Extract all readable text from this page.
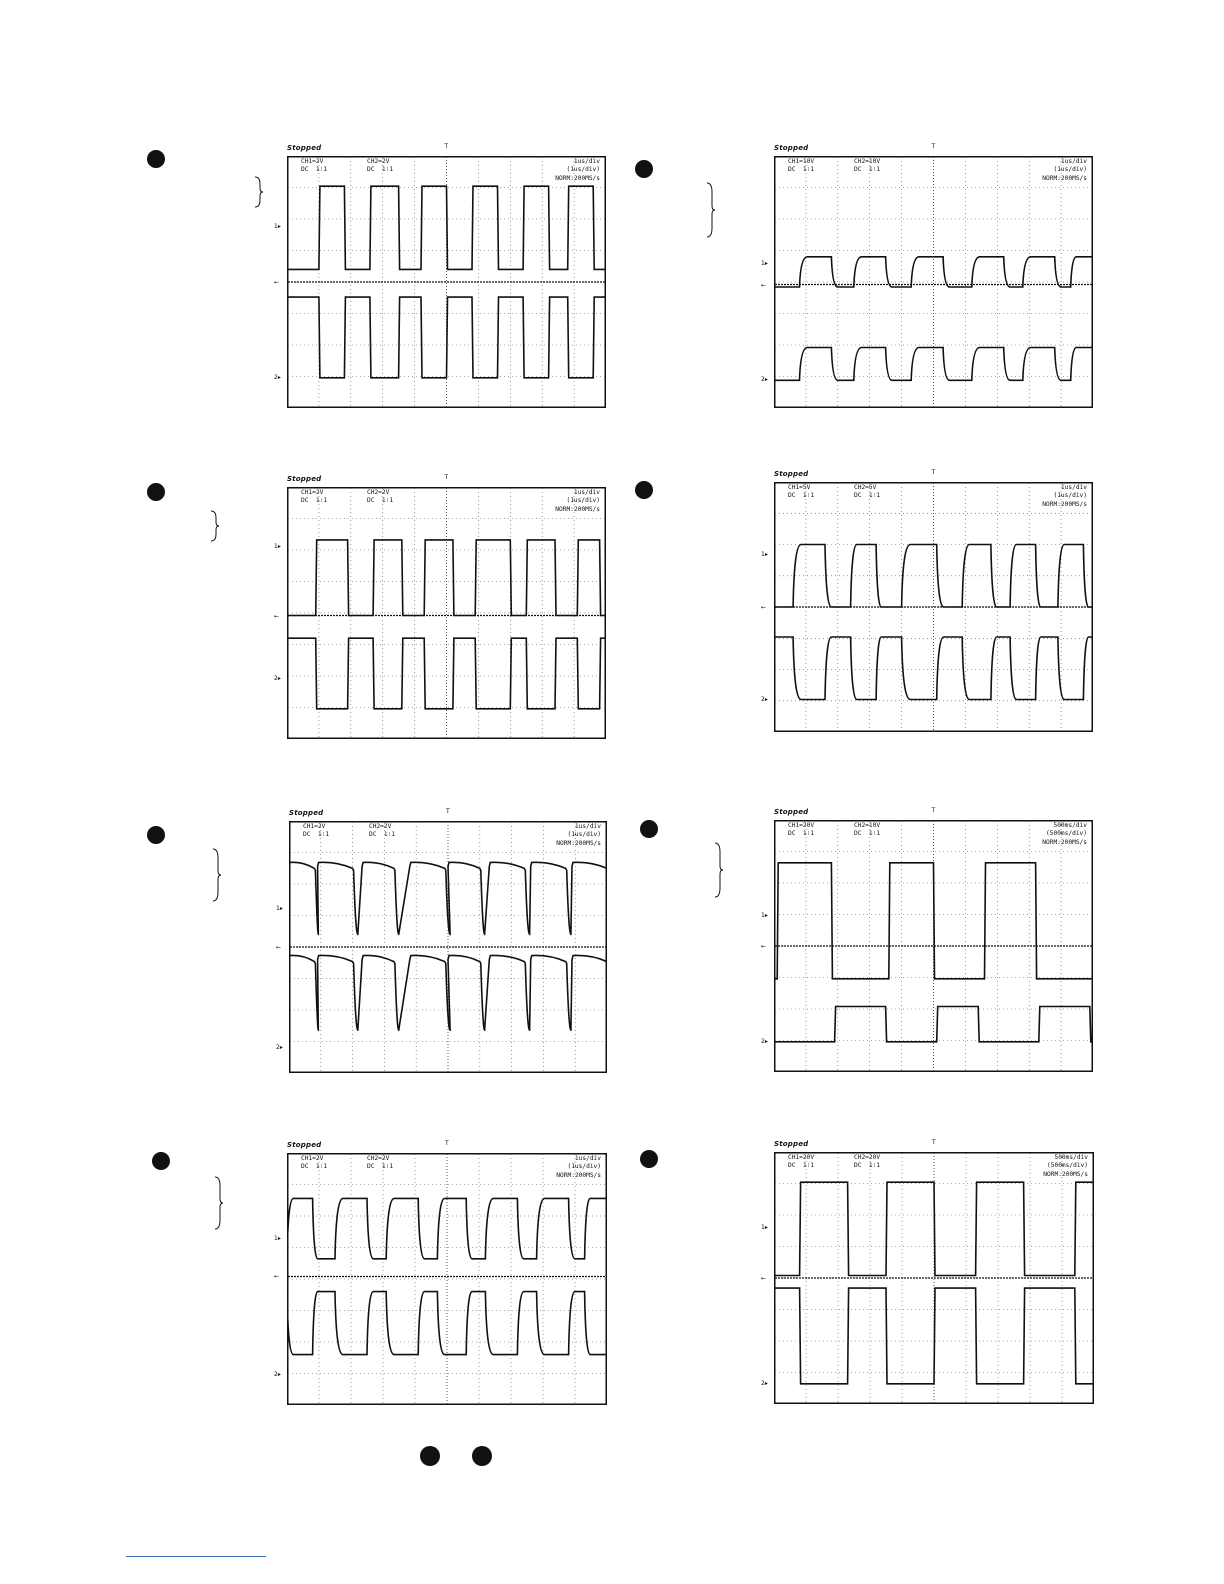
Stopped	T
CH1=2V
DC  1∶1
CH2=2V
DC  1∶1
1us/div
(1us/div)
NORM:200MS/s
1▸
←
2▸
Stopped	T
CH1=10V
DC  1∶1
CH2=10V
DC  1∶1
1us/div
(1us/div)
NORM:200MS/s
1▸
←
2▸
Stopped	T
CH1=2V
DC  1∶1
CH2=2V
DC  1∶1
1us/div
(1us/div)
NORM:200MS/s
1▸
←
2▸
Stopped	T
CH1=5V
DC  1∶1
CH2=5V
DC  1∶1
1us/div
(1us/div)
NORM:200MS/s
1▸
←
2▸
Stopped	T
CH1=2V
DC  1∶1
CH2=2V
DC  1∶1
1us/div
(1us/div)
NORM:200MS/s
1▸
←
2▸
Stopped	T
CH1=20V
DC  1∶1
CH2=10V
DC  1∶1
500ms/div
(500ms/div)
NORM:200MS/s
1▸
←
2▸
Stopped	T
CH1=2V
DC  1∶1
CH2=2V
DC  1∶1
1us/div
(1us/div)
NORM:200MS/s
1▸
←
2▸
Stopped	T
CH1=20V
DC  1∶1
CH2=20V
DC  1∶1
500ms/div
(500ms/div)
NORM:200MS/s
1▸
←
2▸
